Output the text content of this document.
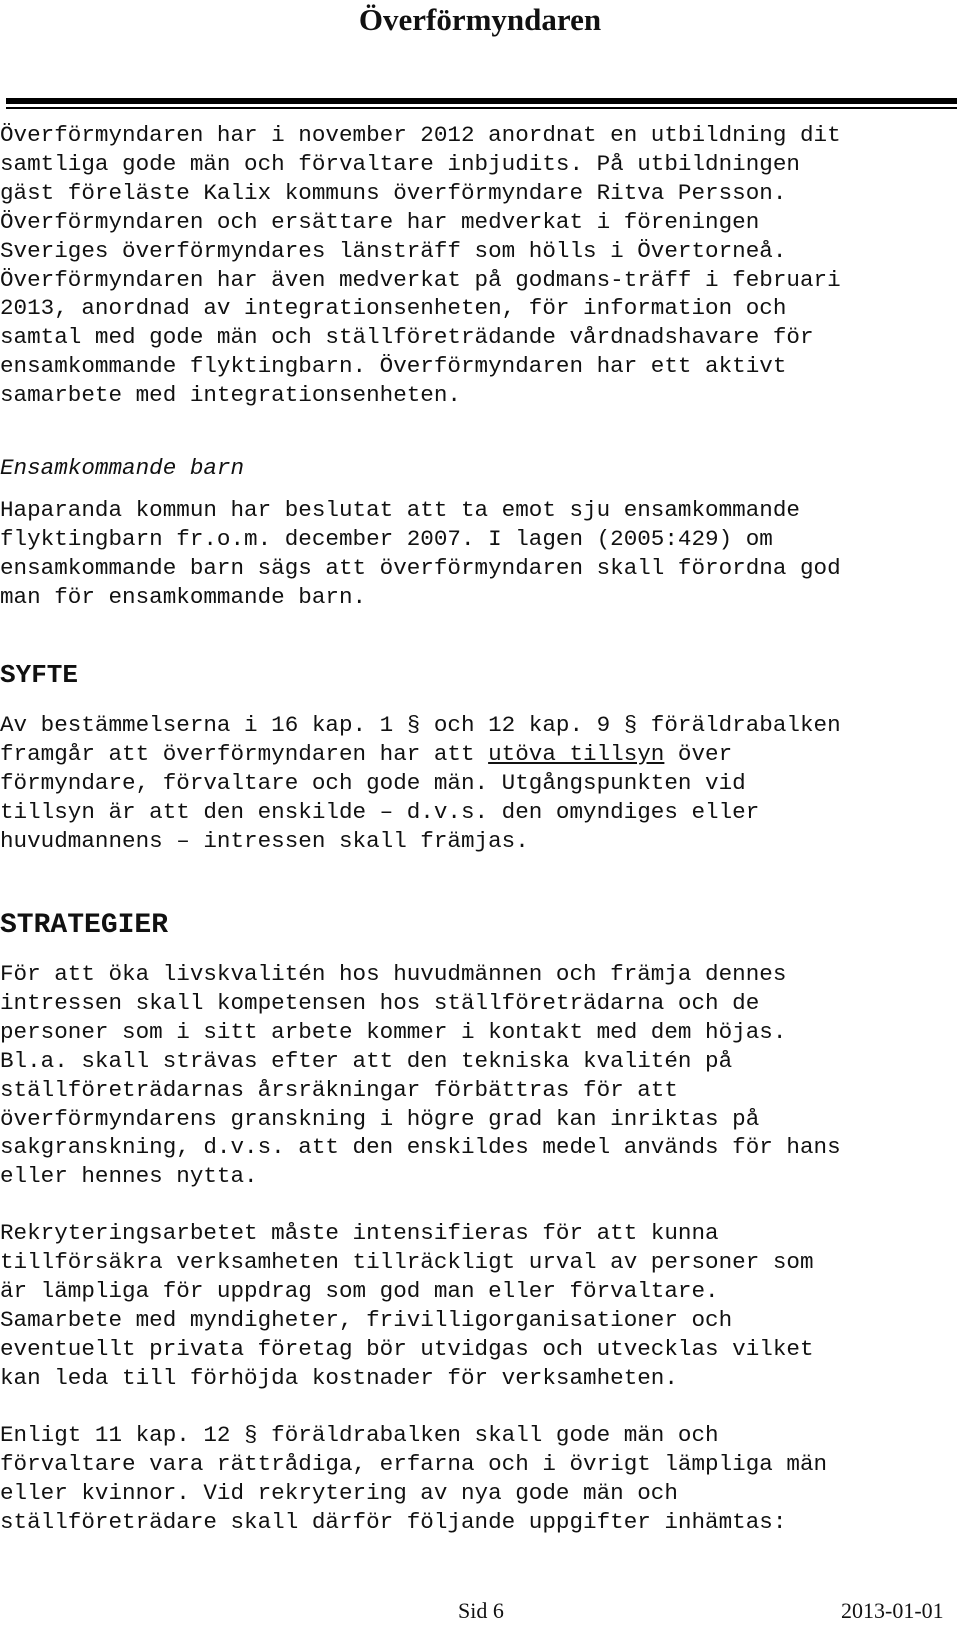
Överförmyndaren

Överförmyndaren har i november 2012 anordnat en utbildning dit
samtliga gode män och förvaltare inbjudits. På utbildningen
gäst föreläste Kalix kommuns överförmyndare Ritva Persson.
Överförmyndaren och ersättare har medverkat i föreningen
Sveriges överförmyndares länsträff som hölls i Övertorneå.
Överförmyndaren har även medverkat på godmans-träff i februari
2013, anordnad av integrationsenheten, för information och
samtal med gode män och ställföreträdande vårdnadshavare för
ensamkommande flyktingbarn. Överförmyndaren har ett aktivt
samarbete med integrationsenheten.

Ensamkommande barn

Haparanda kommun har beslutat att ta emot sju ensamkommande
flyktingbarn fr.o.m. december 2007. I lagen (2005:429) om
ensamkommande barn sägs att överförmyndaren skall förordna god
man för ensamkommande barn.

SYFTE

Av bestämmelserna i 16 kap. 1 § och 12 kap. 9 § föräldrabalken

framgår att överförmyndaren har att utöva tillsyn över

förmyndare, förvaltare och gode män. Utgångspunkten vid
tillsyn är att den enskilde – d.v.s. den omyndiges eller
huvudmannens – intressen skall främjas.

STRATEGIER

För att öka livskvalitén hos huvudmännen och främja dennes
intressen skall kompetensen hos ställföreträdarna och de
personer som i sitt arbete kommer i kontakt med dem höjas.
Bl.a. skall strävas efter att den tekniska kvalitén på
ställföreträdarnas årsräkningar förbättras för att
överförmyndarens granskning i högre grad kan inriktas på
sakgranskning, d.v.s. att den enskildes medel används för hans
eller hennes nytta.

Rekryteringsarbetet måste intensifieras för att kunna
tillförsäkra verksamheten tillräckligt urval av personer som
är lämpliga för uppdrag som god man eller förvaltare.
Samarbete med myndigheter, frivilligorganisationer och
eventuellt privata företag bör utvidgas och utvecklas vilket
kan leda till förhöjda kostnader för verksamheten.

Enligt 11 kap. 12 § föräldrabalken skall gode män och
förvaltare vara rättrådiga, erfarna och i övrigt lämpliga män
eller kvinnor. Vid rekrytering av nya gode män och
ställföreträdare skall därför följande uppgifter inhämtas:

Sid 6	2013-01-01
